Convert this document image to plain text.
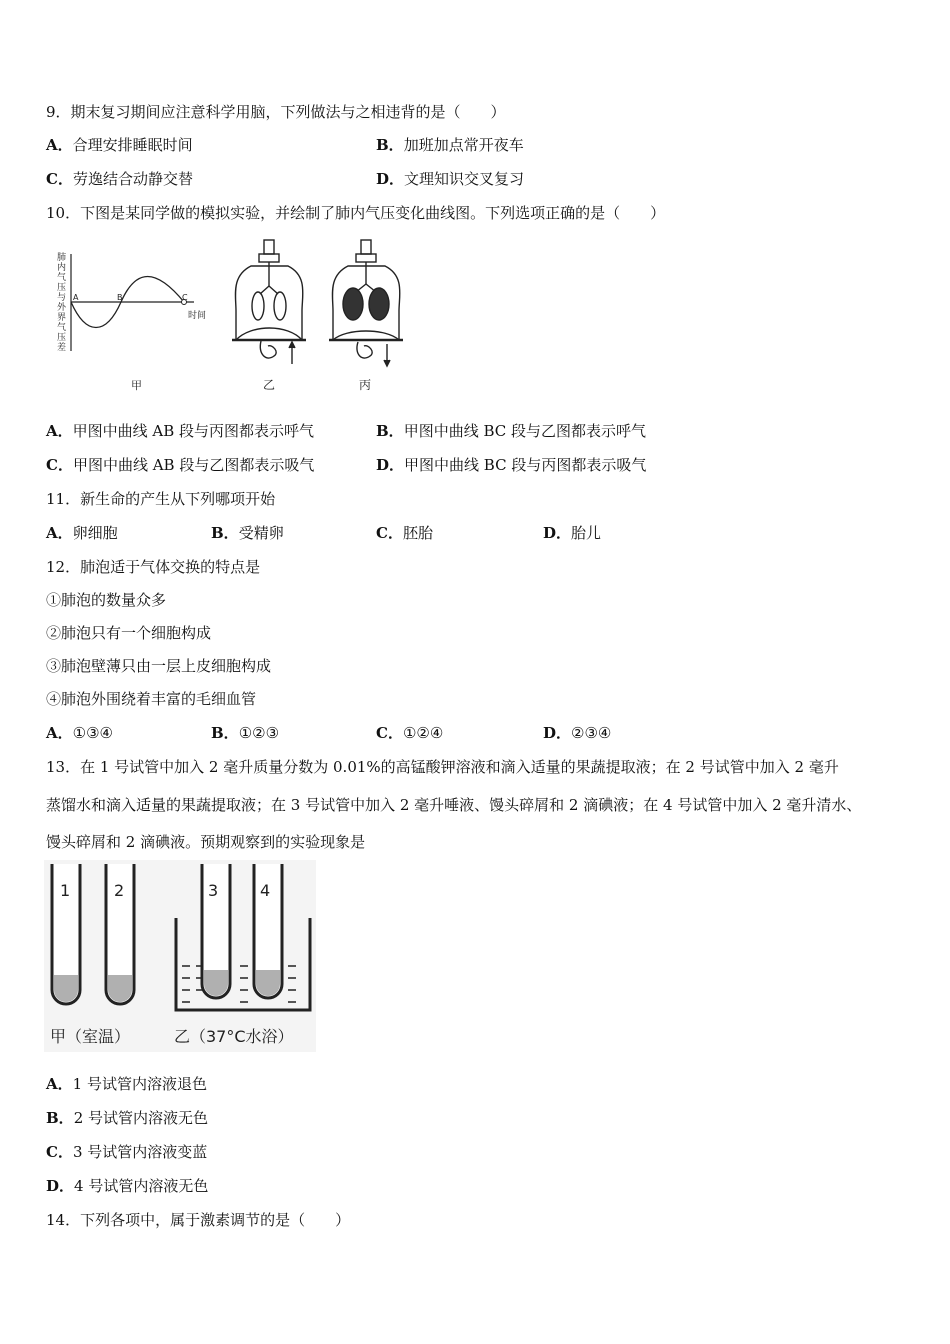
9．期末复习期间应注意科学用脑，下列做法与之相违背的是（　　）
A．合理安排睡眠时间	B．加班加点常开夜车
C．劳逸结合动静交替	D．文理知识交叉复习
10．下图是某同学做的模拟实验，并绘制了肺内气压变化曲线图。下列选项正确的是（　　）
肺
内
气
压
与
外
界
气
压
差
A	B	C
时间
甲	乙	丙
A．甲图中曲线 AB 段与丙图都表示呼气	B．甲图中曲线 BC 段与乙图都表示呼气
C．甲图中曲线 AB 段与乙图都表示吸气	D．甲图中曲线 BC 段与丙图都表示吸气
11．新生命的产生从下列哪项开始
A．卵细胞	B．受精卵	C．胚胎	D．胎儿
12．肺泡适于气体交换的特点是
①肺泡的数量众多
②肺泡只有一个细胞构成
③肺泡壁薄只由一层上皮细胞构成
④肺泡外围绕着丰富的毛细血管
A．①③④	B．①②③	C．①②④	D．②③④
13．在 1 号试管中加入 2 毫升质量分数为 0.01%的高锰酸钾溶液和滴入适量的果蔬提取液；在 2 号试管中加入 2 毫升
蒸馏水和滴入适量的果蔬提取液；在 3 号试管中加入 2 毫升唾液、馒头碎屑和 2 滴碘液；在 4 号试管中加入 2 毫升清水、
馒头碎屑和 2 滴碘液。预期观察到的实验现象是
1	2	3	4
甲（室温）	乙（37°C水浴）
A．1 号试管内溶液退色
B．2 号试管内溶液无色
C．3 号试管内溶液变蓝
D．4 号试管内溶液无色
14．下列各项中，属于激素调节的是（　　）
